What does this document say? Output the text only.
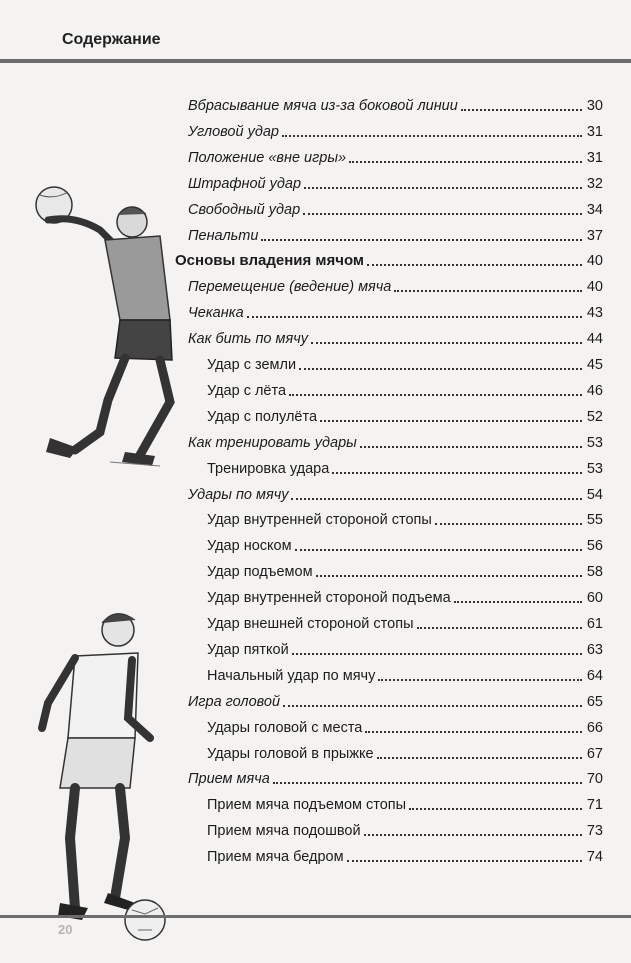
Содержание
Вбрасывание мяча из-за боковой линии	30
Угловой удар	31
Положение «вне игры»	31
Штрафной удар	32
Свободный удар	34
Пенальти	37
Основы владения мячом	40
Перемещение (ведение) мяча	40
Чеканка	43
Как бить по мячу	44
Удар с земли	45
Удар с лёта	46
Удар с полулёта	52
Как тренировать удары	53
Тренировка удара	53
Удары по мячу	54
Удар внутренней стороной стопы	55
Удар носком	56
Удар подъемом	58
Удар внутренней стороной подъема	60
Удар внешней стороной стопы	61
Удар пяткой	63
Начальный удар по мячу	64
Игра головой	65
Удары головой с места	66
Удары головой в прыжке	67
Прием мяча	70
Прием мяча подъемом стопы	71
Прием мяча подошвой	73
Прием мяча бедром	74
20
